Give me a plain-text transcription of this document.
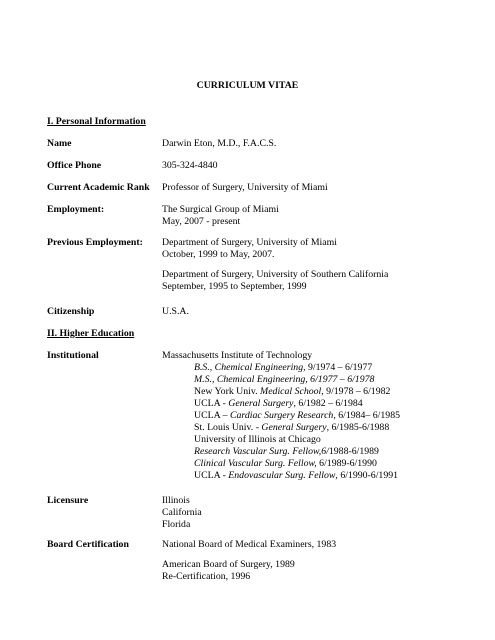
CURRICULUM VITAE
I. Personal Information
Name	Darwin Eton, M.D., F.A.C.S.
Office Phone	305-324-4840
Current Academic Rank Professor of Surgery, University of Miami
Employment:	The Surgical Group of Miami
May, 2007 - present
Previous Employment: Department of Surgery, University of Miami
October, 1999 to May, 2007.
Department of Surgery, University of Southern California
September, 1995 to September, 1999
Citizenship	U.S.A.
II. Higher Education
Institutional	Massachusetts Institute of Technology
B.S., Chemical Engineering, 9/1974 – 6/1977
M.S., Chemical Engineering, 6/1977 – 6/1978
New York Univ. Medical School, 9/1978 – 6/1982
UCLA - General Surgery, 6/1982 – 6/1984
UCLA – Cardiac Surgery Research, 6/1984– 6/1985
St. Louis Univ. - General Surgery, 6/1985-6/1988
University of Illinois at Chicago
Research Vascular Surg. Fellow,6/1988-6/1989
Clinical Vascular Surg. Fellow, 6/1989-6/1990
UCLA - Endovascular Surg. Fellow, 6/1990-6/1991
Licensure	Illinois
California
Florida
Board Certification	National Board of Medical Examiners, 1983
American Board of Surgery, 1989
Re-Certification, 1996
